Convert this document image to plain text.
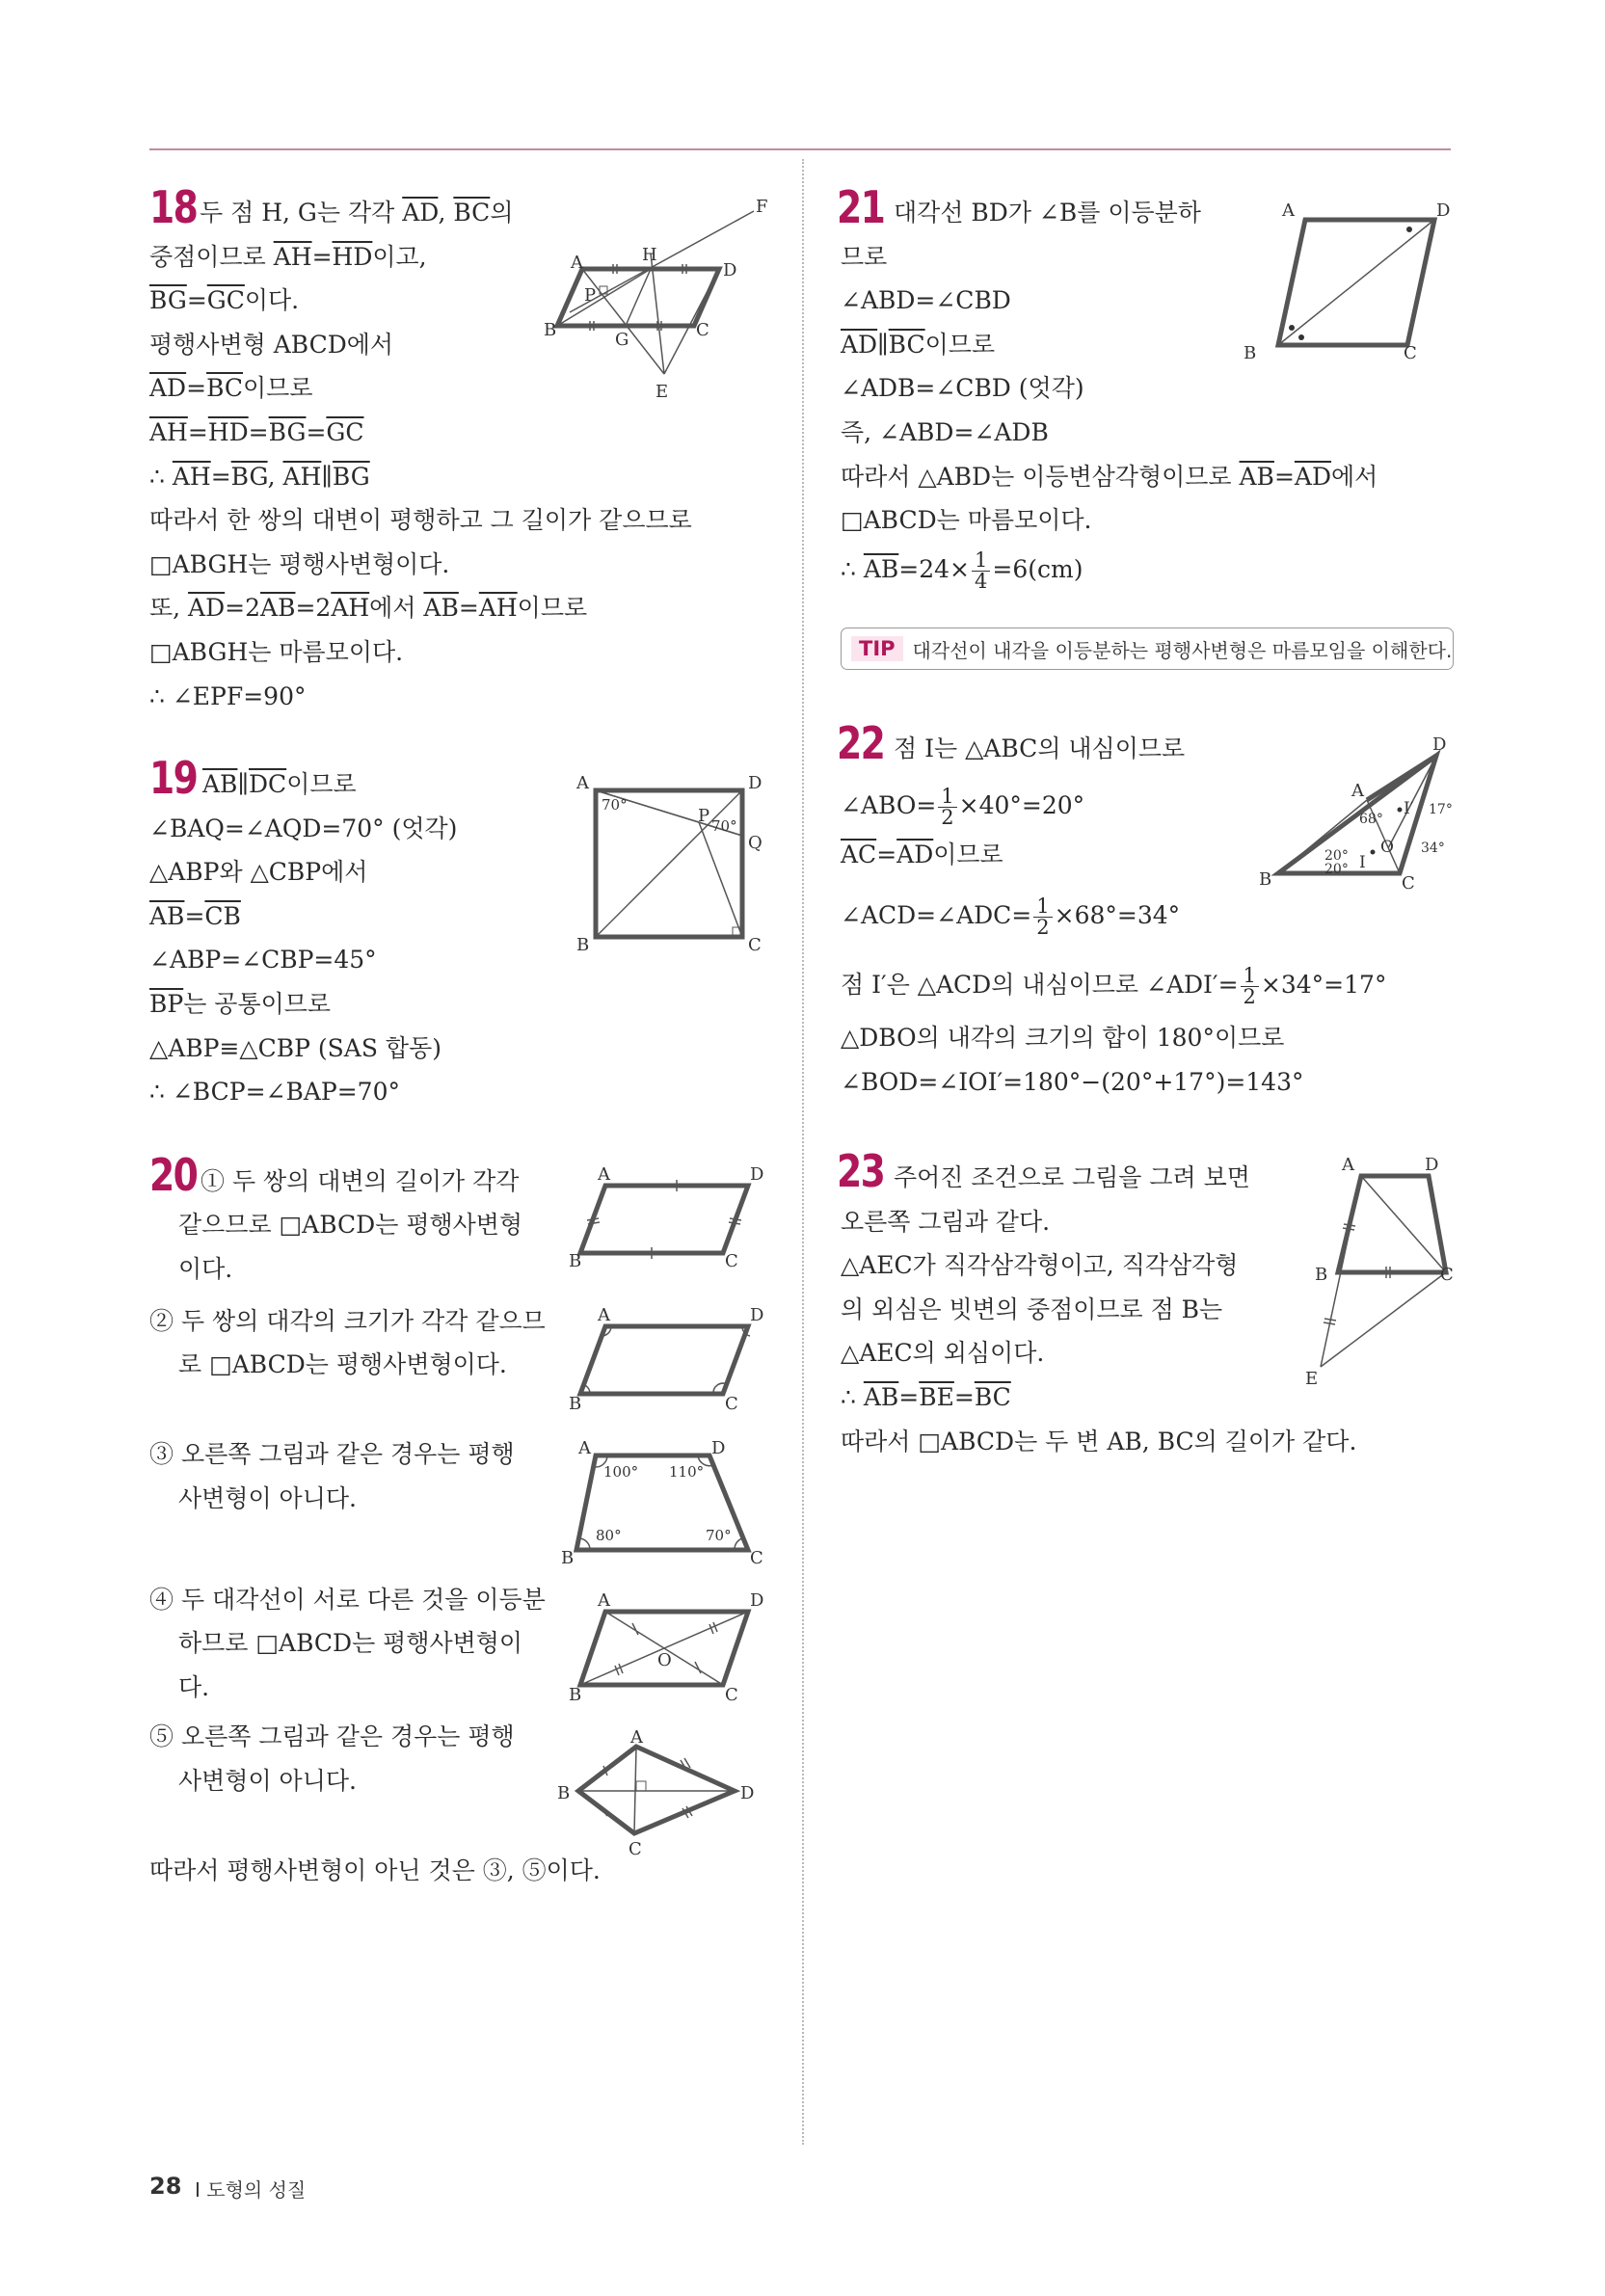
18
A	H
F
D
P
B	G	C
E
19	A	D
P
Q
B	C
70°
70°
20	A	D
B	C
A	D
B	C
A	D
B	C
100° 110°
80°	70°
A	D
O
B	C
A
B	D
C
21	A	D
B	C
TIP 대각선이 내각을 이등분하는 평행사변형은 마름모임을 이해한다.
22	D
A
I′
68°
17°
34°
O
I
20°
20°
B	C
23	A	D
B	C
E
28 Ⅰ 도형의 성질
두 점 H, G는 각각 $\overline{AD}$, $\overline{BC}$의
중점이므로 $\overline{AH}=\overline{HD}$이고,
$\overline{BG}=\overline{GC}$이다.
평행사변형 ABCD에서
$\overline{AD}=\overline{BC}$이므로
$\overline{AH}=\overline{HD}=\overline{BG}=\overline{GC}$
∴ $\overline{AH}=\overline{BG}$, $\overline{AH}\parallel\overline{BG}$
따라서 한 쌍의 대변이 평행하고 그 길이가 같으므로
□ABGH는 평행사변형이다.
또, $\overline{AD}=2\overline{AB}=2\overline{AH}$에서 $\overline{AB}=\overline{AH}$이므로
□ABGH는 마름모이다.
∴ ∠EPF=90°
$\overline{AB}\parallel\overline{DC}$이므로
∠BAQ=∠AQD=70° (엇각)
△ABP와 △CBP에서
$\overline{AB}=\overline{CB}$
∠ABP=∠CBP=45°
$\overline{BP}$는 공통이므로
△ABP≡△CBP (SAS 합동)
∴ ∠BCP=∠BAP=70°
① 두 쌍의 대변의 길이가 각각
같으므로 □ABCD는 평행사변형
이다.
② 두 쌍의 대각의 크기가 각각 같으므
로 □ABCD는 평행사변형이다.
③ 오른쪽 그림과 같은 경우는 평행
사변형이 아니다.
④ 두 대각선이 서로 다른 것을 이등분
하므로 □ABCD는 평행사변형이
다.
⑤ 오른쪽 그림과 같은 경우는 평행
사변형이 아니다.
따라서 평행사변형이 아닌 것은 ③, ⑤이다.
대각선 BD가 ∠B를 이등분하
므로
∠ABD=∠CBD
$\overline{AD}\parallel\overline{BC}$이므로
∠ADB=∠CBD (엇각)
즉, ∠ABD=∠ADB
따라서 △ABD는 이등변삼각형이므로 $\overline{AB}=\overline{AD}$에서
□ABCD는 마름모이다.
∴ $\overline{AB}=24\times \frac{1}{4} =6(cm)$
점 I는 △ABC의 내심이므로
∠ABO= $\frac{1}{2} \times 40^\circ=20^\circ$
$\overline{AC}=\overline{AD}$이므로
∠ACD=∠ADC= $\frac{1}{2} \times 68^\circ=34^\circ$
점 I′은 △ACD의 내심이므로 ∠ADI′= $\frac{1}{2} \times 34^\circ=17^\circ$
△DBO의 내각의 크기의 합이 180°이므로
∠BOD=∠IOI′=180°−(20°+17°)=143°
주어진 조건으로 그림을 그려 보면
오른쪽 그림과 같다.
△AEC가 직각삼각형이고, 직각삼각형
의 외심은 빗변의 중점이므로 점 B는
△AEC의 외심이다.
∴ $\overline{AB}=\overline{BE}=\overline{BC}$
따라서 □ABCD는 두 변 AB, BC의 길이가 같다.
